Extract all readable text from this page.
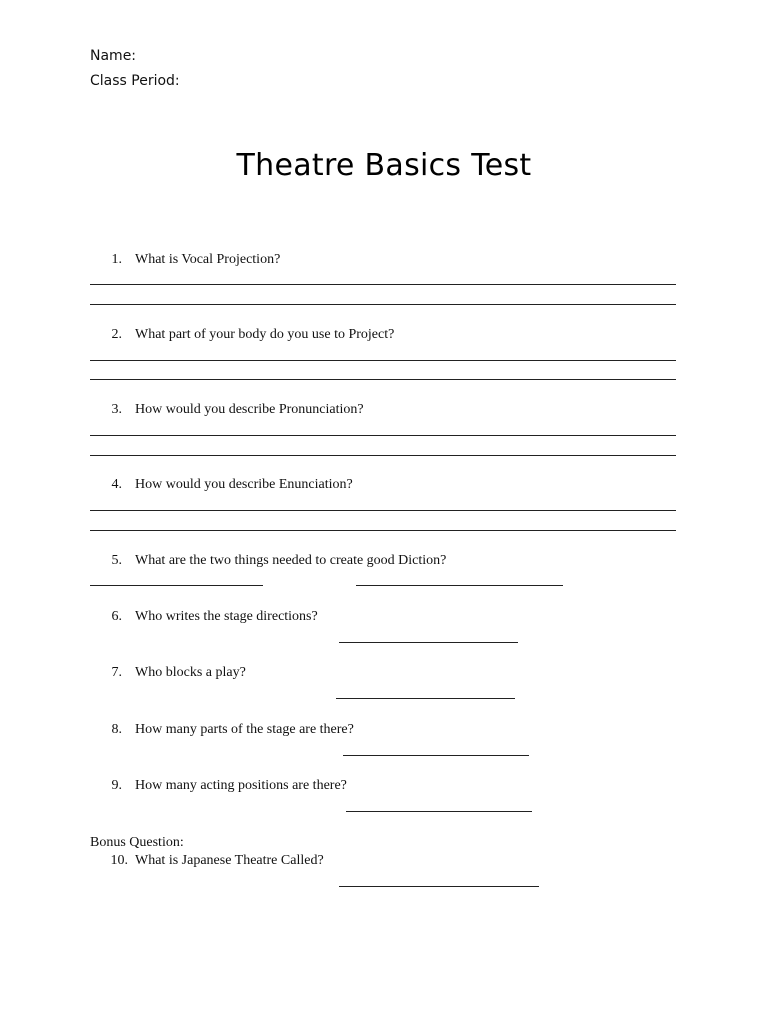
Name:
Class Period:
Theatre Basics Test
1. What is Vocal Projection?
2. What part of your body do you use to Project?
3. How would you describe Pronunciation?
4. How would you describe Enunciation?
5. What are the two things needed to create good Diction?
6. Who writes the stage directions?
7. Who blocks a play?
8. How many parts of the stage are there?
9. How many acting positions are there?
Bonus Question:
10. What is Japanese Theatre Called?
